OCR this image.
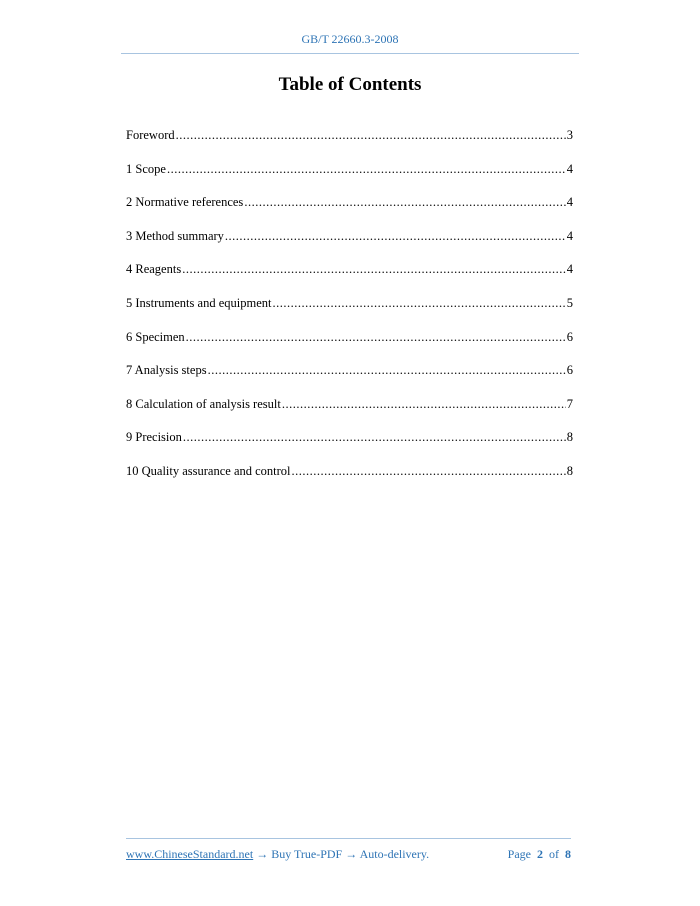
GB/T 22660.3-2008
Table of Contents
Foreword .....	3
1 Scope .....	4
2 Normative references .....	4
3 Method summary .....	4
4 Reagents .....	4
5 Instruments and equipment .....	5
6 Specimen .....	6
7 Analysis steps .....	6
8 Calculation of analysis result .....	7
9 Precision .....	8
10 Quality assurance and control .....	8
www.ChineseStandard.net → Buy True-PDF → Auto-delivery.	Page 2 of 8
